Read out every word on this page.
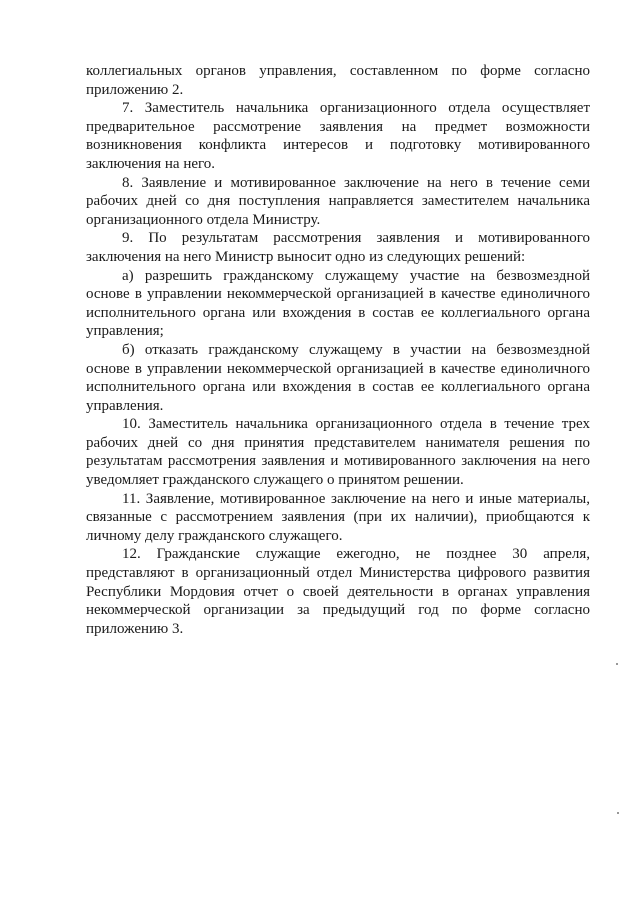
коллегиальных органов управления, составленном по форме согласно приложению 2.

7. Заместитель начальника организационного отдела осуществляет предварительное рассмотрение заявления на предмет возможности возникновения конфликта интересов и подготовку мотивированного заключения на него.

8. Заявление и мотивированное заключение на него в течение семи рабочих дней со дня поступления направляется заместителем начальника организационного отдела Министру.

9. По результатам рассмотрения заявления и мотивированного заключения на него Министр выносит одно из следующих решений:

а) разрешить гражданскому служащему участие на безвозмездной основе в управлении некоммерческой организацией в качестве единоличного исполнительного органа или вхождения в состав ее коллегиального органа управления;

б) отказать гражданскому служащему в участии на безвозмездной основе в управлении некоммерческой организацией в качестве единоличного исполнительного органа или вхождения в состав ее коллегиального органа управления.

10. Заместитель начальника организационного отдела в течение трех рабочих дней со дня принятия представителем нанимателя решения по результатам рассмотрения заявления и мотивированного заключения на него уведомляет гражданского служащего о принятом решении.

11. Заявление, мотивированное заключение на него и иные материалы, связанные с рассмотрением заявления (при их наличии), приобщаются к личному делу гражданского служащего.

12. Гражданские служащие ежегодно, не позднее 30 апреля, представляют в организационный отдел Министерства цифрового развития Республики Мордовия отчет о своей деятельности в органах управления некоммерческой организации за предыдущий год по форме согласно приложению 3.
